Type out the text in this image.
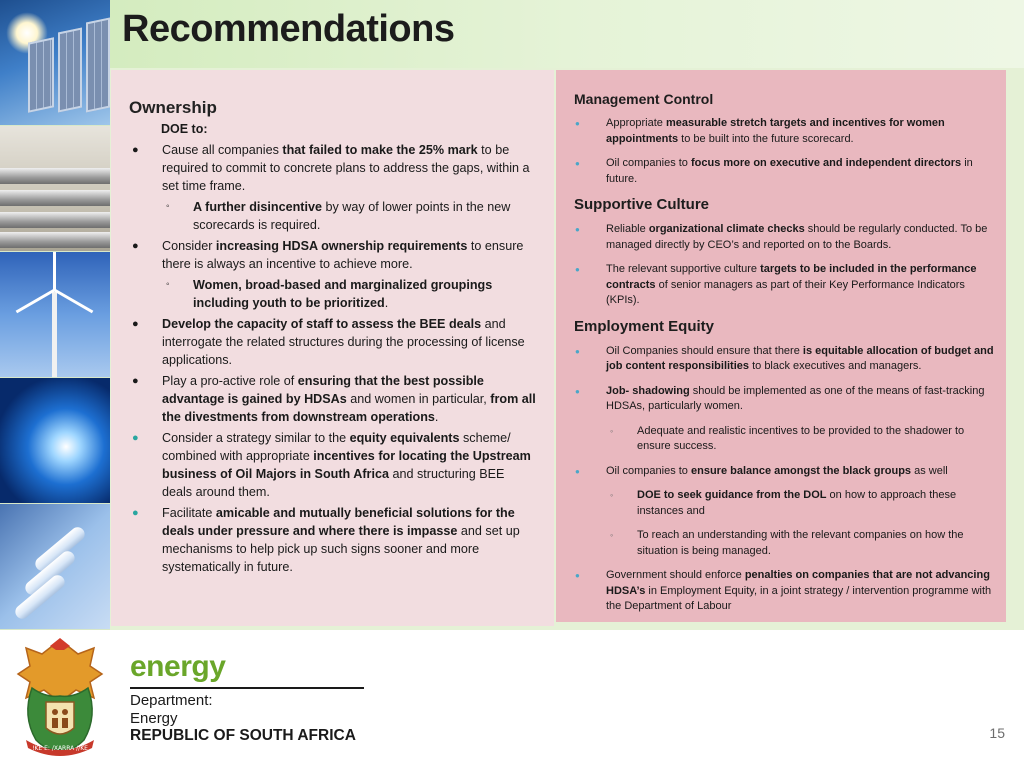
Recommendations
Ownership
DOE to:
● Cause all companies that failed to make the 25% mark to be required to commit to concrete plans to address the gaps, within a set time frame.
◦ A further disincentive by way of lower points in the new scorecards is required.
● Consider increasing HDSA ownership requirements to ensure there is always an incentive to achieve more.
◦ Women, broad-based and marginalized groupings including youth to be prioritized.
● Develop the capacity of staff to assess the BEE deals and interrogate the related structures during the processing of license applications.
● Play a pro-active role of ensuring that the best possible advantage is gained by HDSAs and women in particular, from all the divestments from downstream operations.
● Consider a strategy similar to the equity equivalents scheme/ combined with appropriate incentives for locating the Upstream business of Oil Majors in South Africa and structuring BEE deals around them.
● Facilitate amicable and mutually beneficial solutions for the deals under pressure and where there is impasse and set up mechanisms to help pick up such signs sooner and more systematically in future.
Management Control
● Appropriate measurable stretch targets and incentives for women appointments to be built into the future scorecard.
● Oil companies to focus more on executive and independent directors in future.
Supportive Culture
● Reliable organizational climate checks should be regularly conducted. To be managed directly by CEO’s and reported on to the Boards.
● The relevant supportive culture targets to be included in the performance contracts of senior managers as part of their Key Performance Indicators (KPIs).
Employment Equity
● Oil Companies should ensure that there is equitable allocation of budget and job content responsibilities to black executives and managers.
● Job- shadowing should be implemented as one of the means of fast-tracking HDSAs, particularly women.
◦ Adequate and realistic incentives to be provided to the shadower to ensure success.
● Oil companies to ensure balance amongst the black groups as well
◦ DOE to seek guidance from the DOL on how to approach these instances and
◦ To reach an understanding with the relevant companies on how the situation is being managed.
● Government should enforce penalties on companies that are not advancing HDSA’s in Employment Equity, in a joint strategy / intervention programme with the Department of Labour
!KE E: /XARRA //KE
energy
Department:
Energy
REPUBLIC OF SOUTH AFRICA	15
